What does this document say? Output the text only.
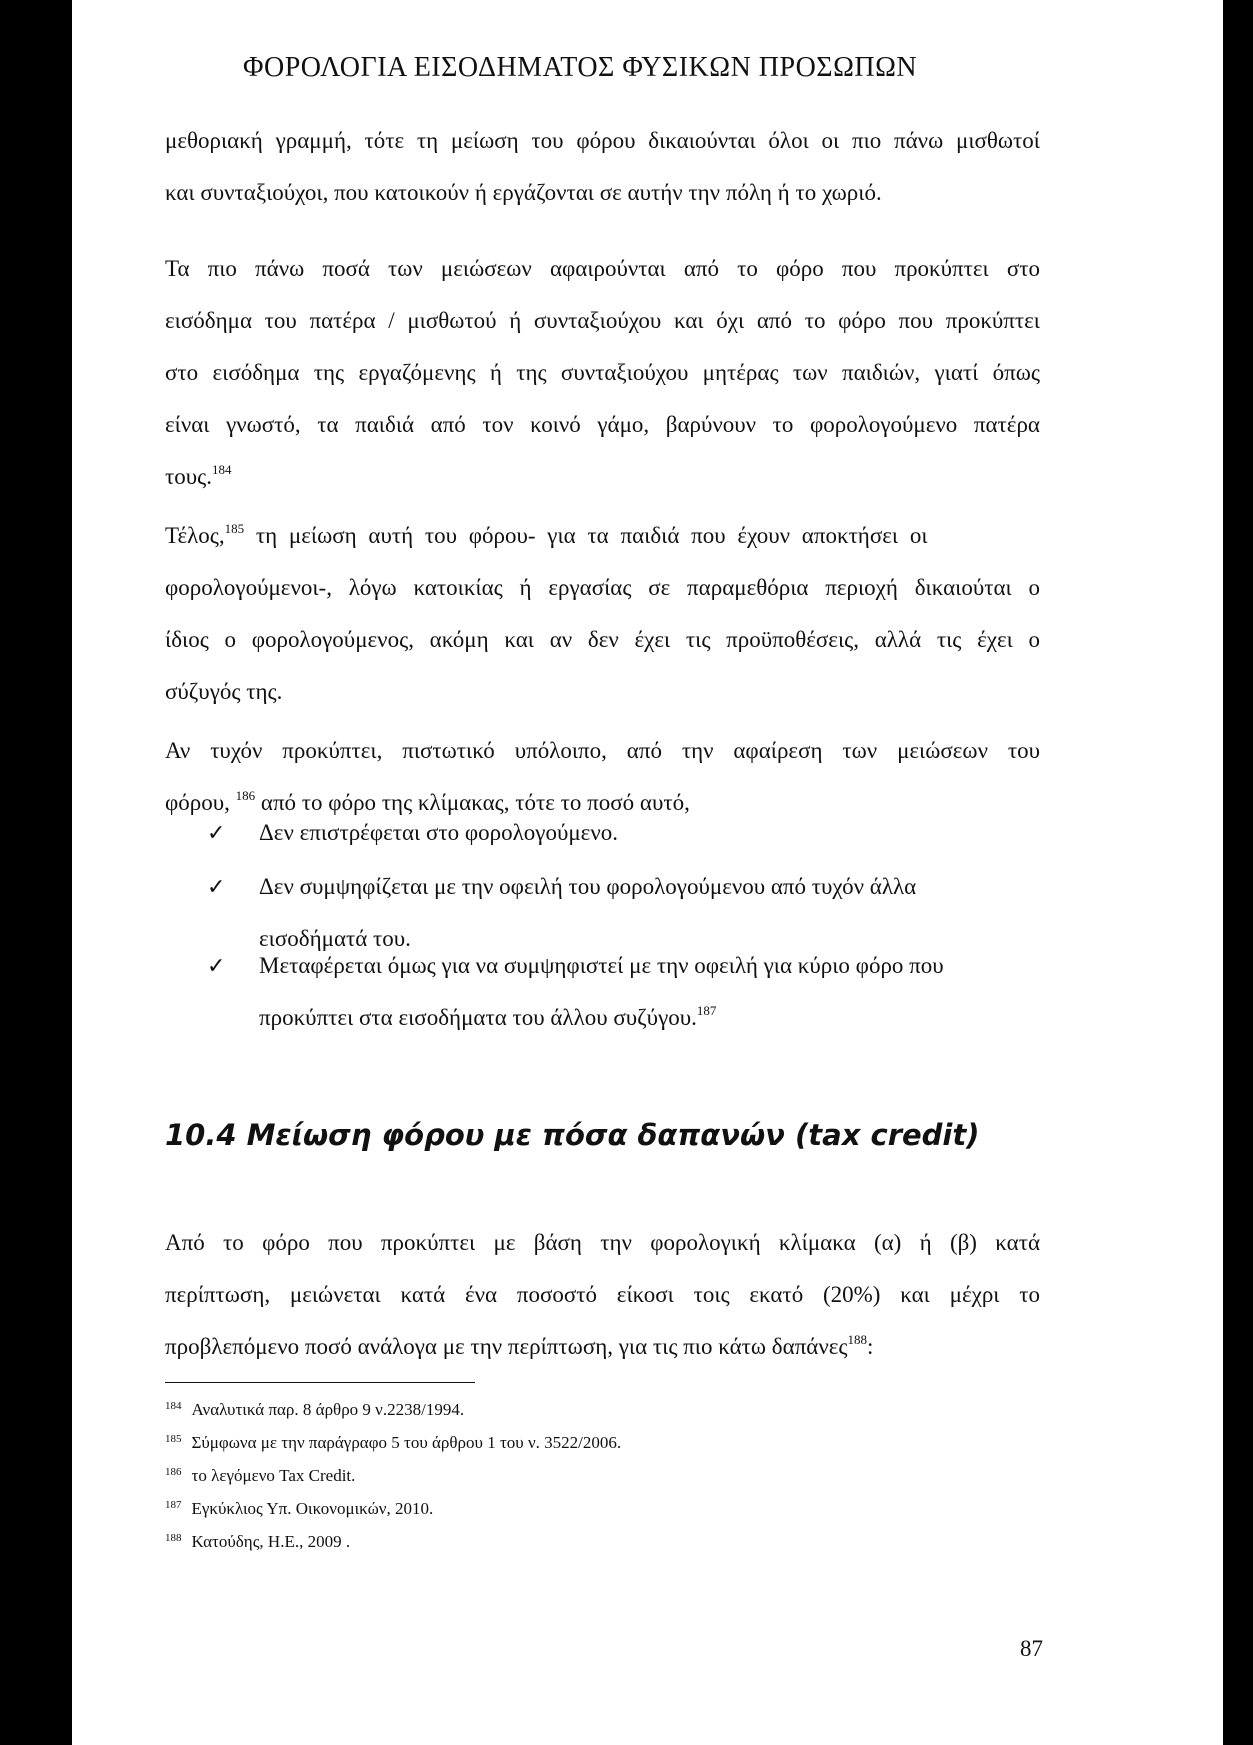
ΦΟΡΟΛΟΓΙΑ ΕΙΣΟΔΗΜΑΤΟΣ ΦΥΣΙΚΩΝ ΠΡΟΣΩΠΩΝ
μεθοριακή γραμμή, τότε τη μείωση του φόρου δικαιούνται όλοι οι πιο πάνω μισθωτοί
και συνταξιούχοι, που κατοικούν ή εργάζονται σε αυτήν την πόλη ή το χωριό.
Τα πιο πάνω ποσά των μειώσεων αφαιρούνται από το φόρο που προκύπτει στο
εισόδημα του πατέρα / μισθωτού ή συνταξιούχου και όχι από το φόρο που προκύπτει
στο εισόδημα της εργαζόμενης ή της συνταξιούχου μητέρας των παιδιών, γιατί όπως
είναι γνωστό, τα παιδιά από τον κοινό γάμο, βαρύνουν το φορολογούμενο πατέρα
τους.$^{184}$
Τέλος,$^{185}$ τη μείωση αυτή του φόρου- για τα παιδιά που έχουν αποκτήσει οι
φορολογούμενοι-, λόγω κατοικίας ή εργασίας σε παραμεθόρια περιοχή δικαιούται ο
ίδιος ο φορολογούμενος, ακόμη και αν δεν έχει τις προϋποθέσεις, αλλά τις έχει ο
σύζυγός της.
Αν τυχόν προκύπτει, πιστωτικό υπόλοιπο, από την αφαίρεση των μειώσεων του
φόρου, $^{186}$ από το φόρο της κλίμακας, τότε το ποσό αυτό,
✓ Δεν επιστρέφεται στο φορολογούμενο.
✓ Δεν συμψηφίζεται με την οφειλή του φορολογούμενου από τυχόν άλλα
εισοδήματά του.
✓ Μεταφέρεται όμως για να συμψηφιστεί με την οφειλή για κύριο φόρο που
προκύπτει στα εισοδήματα του άλλου συζύγου.$^{187}$
10.4 Μείωση φόρου με πόσα δαπανών (tax credit)
Από το φόρο που προκύπτει με βάση την φορολογική κλίμακα (α) ή (β) κατά
περίπτωση, μειώνεται κατά ένα ποσοστό είκοσι τοις εκατό (20%) και μέχρι το
προβλεπόμενο ποσό ανάλογα με την περίπτωση, για τις πιο κάτω δαπάνες$^{188}$:
$^{184}$ Αναλυτικά παρ. 8 άρθρο 9 ν.2238/1994.
$^{185}$ Σύμφωνα με την παράγραφο 5 του άρθρου 1 του ν. 3522/2006.
$^{186}$ το λεγόμενο Tax Credit.
$^{187}$ Εγκύκλιος Υπ. Οικονομικών, 2010.
$^{188}$ Κατούδης, Η.Ε., 2009 .
87
